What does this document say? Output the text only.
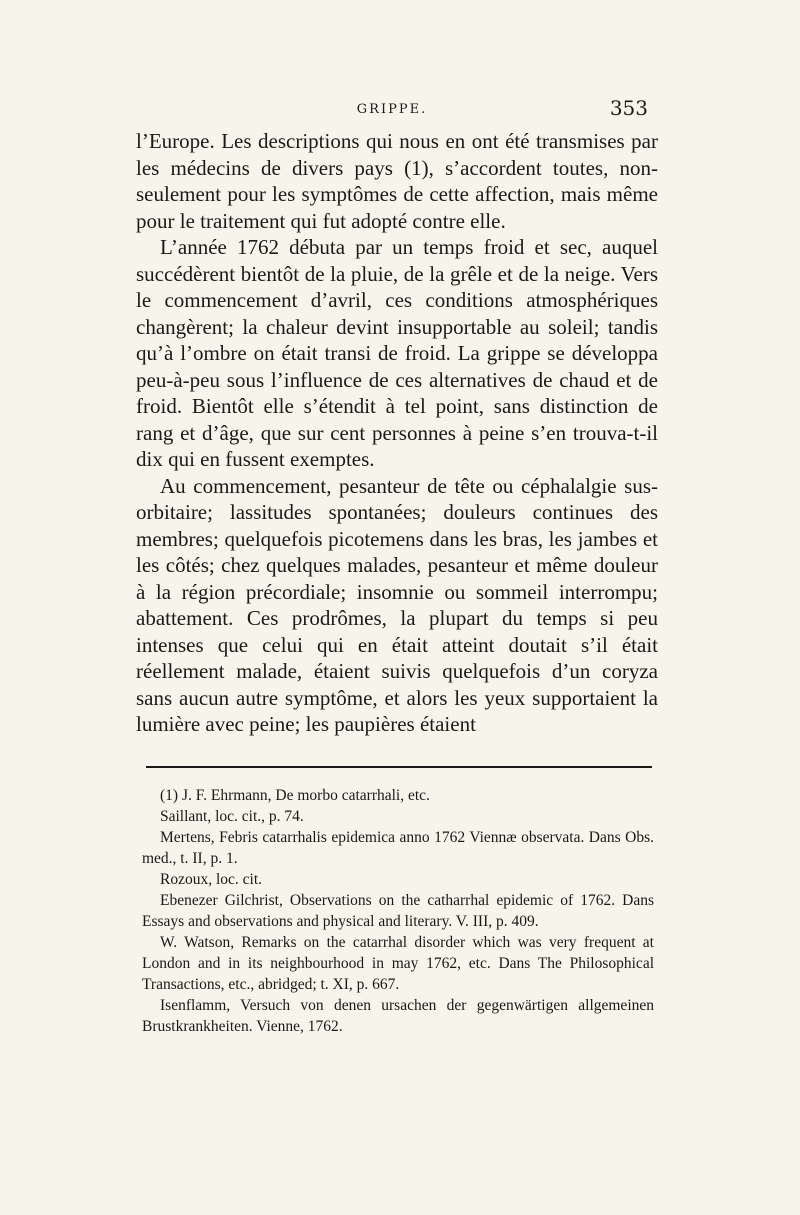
GRIPPE.	353

l’Europe. Les descriptions qui nous en ont été transmises par les médecins de divers pays (1), s’accordent toutes, non-seulement pour les symptômes de cette affection, mais même pour le traitement qui fut adopté contre elle.

L’année 1762 débuta par un temps froid et sec, auquel succédèrent bientôt de la pluie, de la grêle et de la neige. Vers le commencement d’avril, ces conditions atmosphériques changèrent; la chaleur devint insupportable au soleil; tandis qu’à l’ombre on était transi de froid. La grippe se développa peu-à-peu sous l’influence de ces alternatives de chaud et de froid. Bientôt elle s’étendit à tel point, sans distinction de rang et d’âge, que sur cent personnes à peine s’en trouva-t-il dix qui en fussent exemptes.

Au commencement, pesanteur de tête ou céphalalgie sus-orbitaire; lassitudes spontanées; douleurs continues des membres; quelquefois picotemens dans les bras, les jambes et les côtés; chez quelques malades, pesanteur et même douleur à la région précordiale; insomnie ou sommeil interrompu; abattement. Ces prodrômes, la plupart du temps si peu intenses que celui qui en était atteint doutait s’il était réellement malade, étaient suivis quelquefois d’un coryza sans aucun autre symptôme, et alors les yeux supportaient la lumière avec peine; les paupières étaient

(1) J. F. Ehrmann, De morbo catarrhali, etc.

Saillant, loc. cit., p. 74.

Mertens, Febris catarrhalis epidemica anno 1762 Viennæ observata. Dans Obs. med., t. II, p. 1.

Rozoux, loc. cit.

Ebenezer Gilchrist, Observations on the catharrhal epidemic of 1762. Dans Essays and observations and physical and literary. V. III, p. 409.

W. Watson, Remarks on the catarrhal disorder which was very frequent at London and in its neighbourhood in may 1762, etc. Dans The Philosophical Transactions, etc., abridged; t. XI, p. 667.

Isenflamm, Versuch von denen ursachen der gegenwärtigen allgemeinen Brustkrankheiten. Vienne, 1762.
